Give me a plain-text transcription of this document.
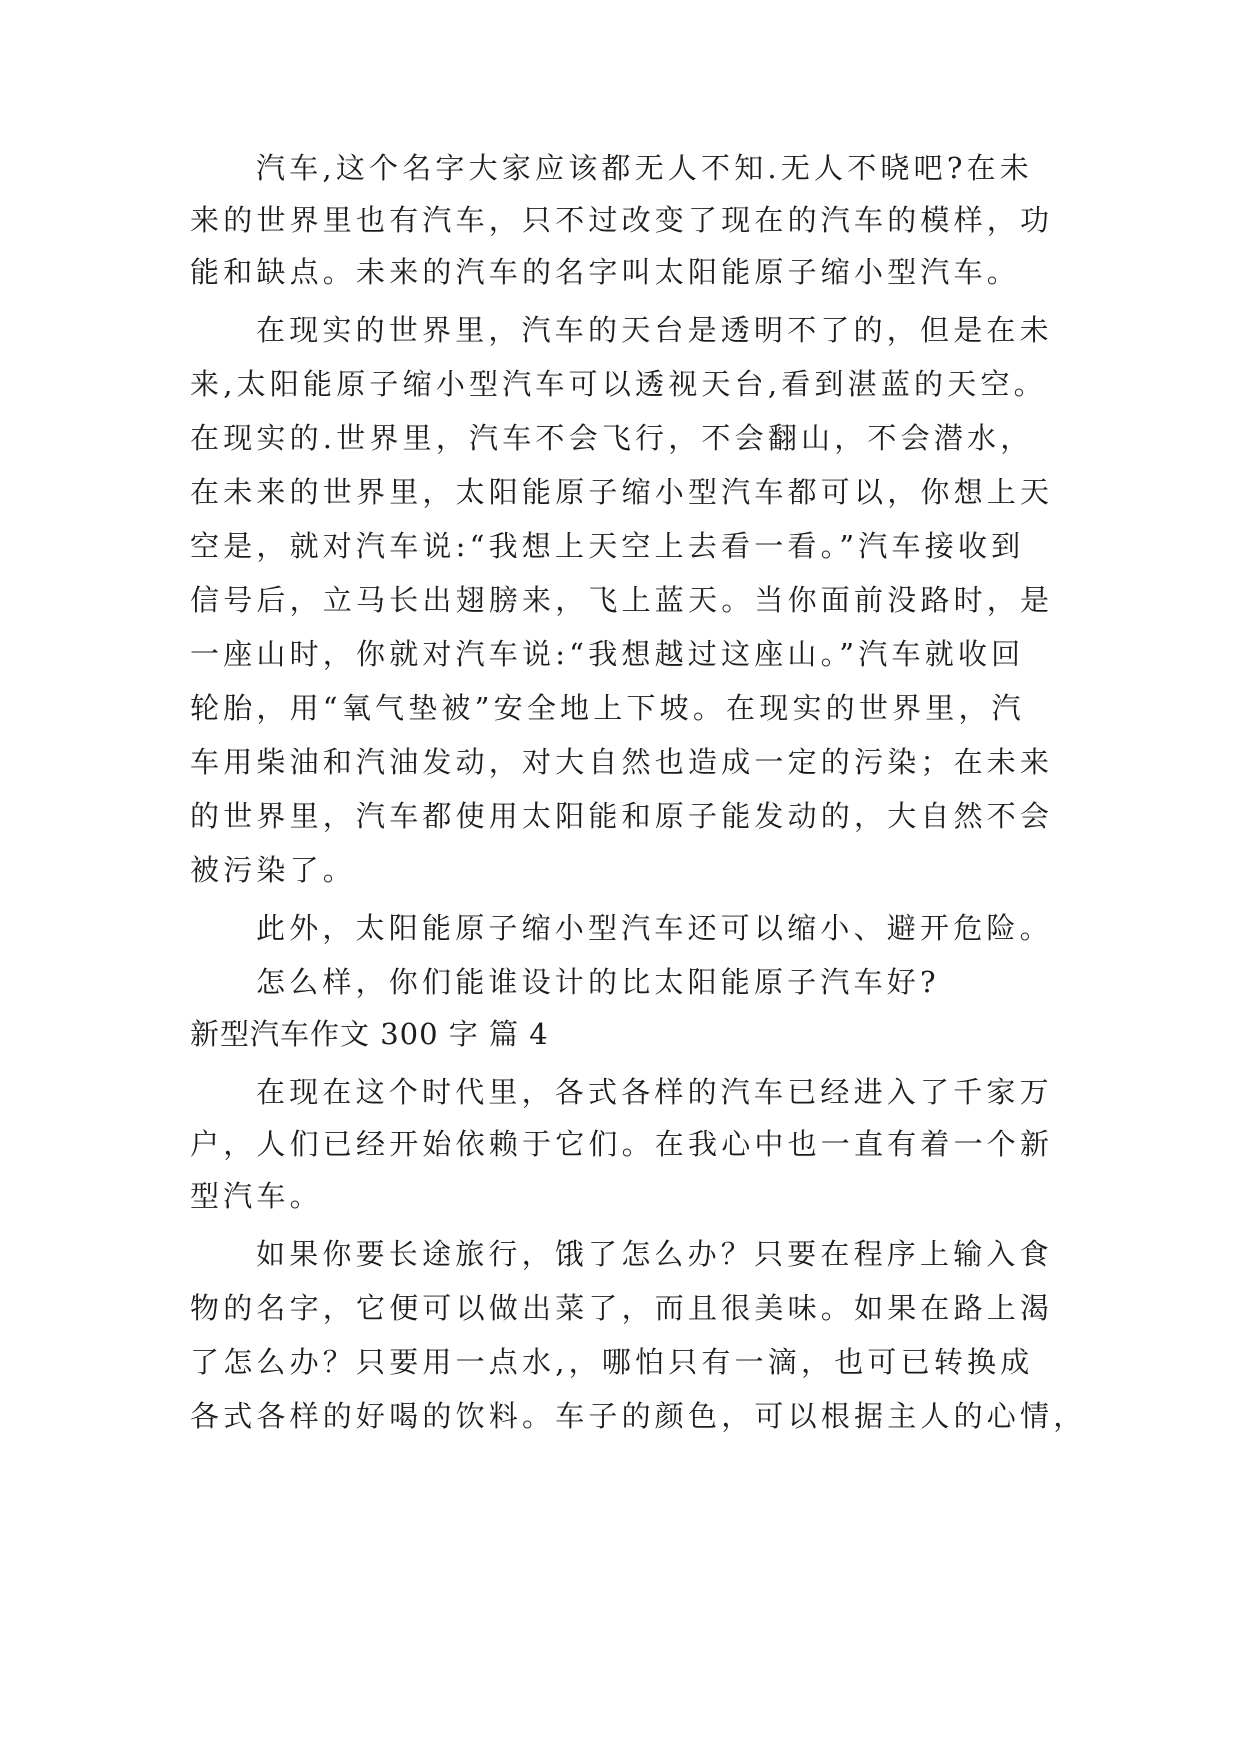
汽车,这个名字大家应该都无人不知.无人不晓吧?在未

来的世界里也有汽车，只不过改变了现在的汽车的模样，功

能和缺点。未来的汽车的名字叫太阳能原子缩小型汽车。

在现实的世界里，汽车的天台是透明不了的，但是在未

来,太阳能原子缩小型汽车可以透视天台,看到湛蓝的天空。

在现实的.世界里，汽车不会飞行，不会翻山，不会潜水，

在未来的世界里，太阳能原子缩小型汽车都可以，你想上天

空是，就对汽车说:“我想上天空上去看一看。”汽车接收到

信号后，立马长出翅膀来，飞上蓝天。当你面前没路时，是

一座山时，你就对汽车说:“我想越过这座山。”汽车就收回

轮胎，用“氧气垫被”安全地上下坡。在现实的世界里，汽

车用柴油和汽油发动，对大自然也造成一定的污染；在未来

的世界里，汽车都使用太阳能和原子能发动的，大自然不会

被污染了。

此外，太阳能原子缩小型汽车还可以缩小、避开危险。

怎么样，你们能谁设计的比太阳能原子汽车好?

新型汽车作文 300 字 篇 4

在现在这个时代里，各式各样的汽车已经进入了千家万

户，人们已经开始依赖于它们。在我心中也一直有着一个新

型汽车。

如果你要长途旅行，饿了怎么办？只要在程序上输入食

物的名字，它便可以做出菜了，而且很美味。如果在路上渴

了怎么办？只要用一点水,，哪怕只有一滴，也可已转换成

各式各样的好喝的饮料。车子的颜色，可以根据主人的心情，
